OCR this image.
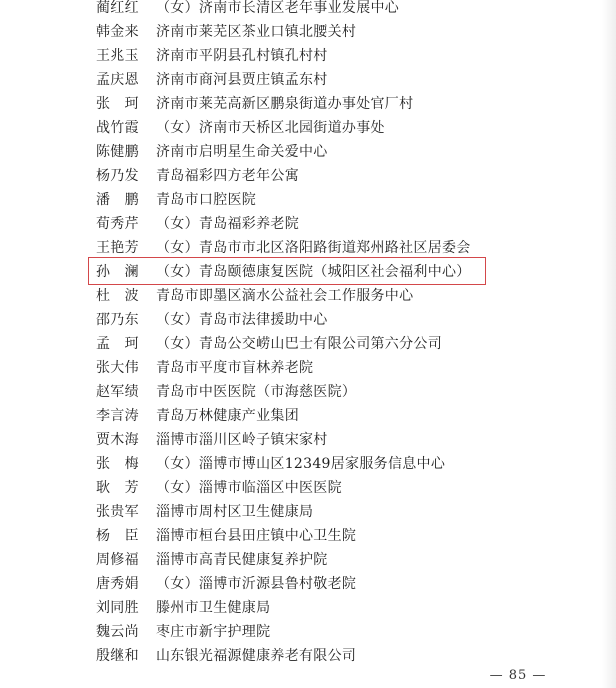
蔺红红 （女）济南市长清区老年事业发展中心
韩金来 济南市莱芜区茶业口镇北腰关村
王兆玉 济南市平阴县孔村镇孔村村
孟庆恩 济南市商河县贾庄镇孟东村
张　珂 济南市莱芜高新区鹏泉街道办事处官厂村
战竹霞 （女）济南市天桥区北园街道办事处
陈健鹏 济南市启明星生命关爱中心
杨乃发 青岛福彩四方老年公寓
潘　鹏 青岛市口腔医院
荀秀芹 （女）青岛福彩养老院
王艳芳 （女）青岛市市北区洛阳路街道郑州路社区居委会
孙　澜 （女）青岛颐德康复医院（城阳区社会福利中心）
杜　波 青岛市即墨区滴水公益社会工作服务中心
邵乃东 （女）青岛市法律援助中心
孟　珂 （女）青岛公交崂山巴士有限公司第六分公司
张大伟 青岛市平度市盲林养老院
赵军绩 青岛市中医医院（市海慈医院）
李言涛 青岛万林健康产业集团
贾木海 淄博市淄川区岭子镇宋家村
张　梅 （女）淄博市博山区12349居家服务信息中心
耿　芳 （女）淄博市临淄区中医医院
张贵军 淄博市周村区卫生健康局
杨　臣 淄博市桓台县田庄镇中心卫生院
周修福 淄博市高青民健康复养护院
唐秀娟 （女）淄博市沂源县鲁村敬老院
刘同胜 滕州市卫生健康局
魏云尚 枣庄市新宇护理院
殷继和 山东银光福源健康养老有限公司
— 85 —
